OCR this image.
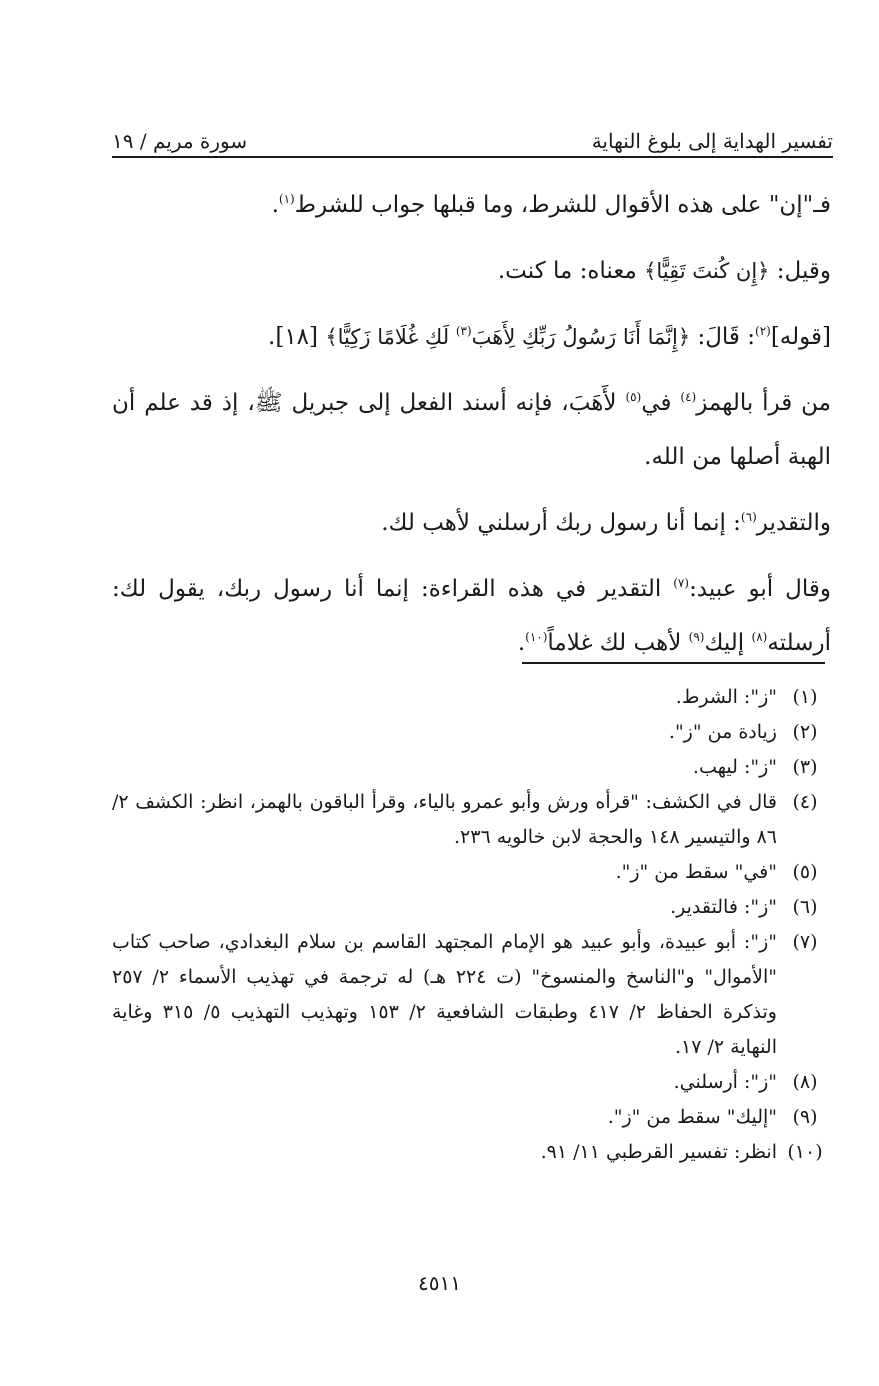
تفسير الهداية إلى بلوغ النهاية
سورة مريم / ١٩

فـ"إن" على هذه الأقوال للشرط، وما قبلها جواب للشرط$^{(١)}$.

وقيل: ﴿إِن كُنتَ تَقِيًّا﴾ معناه: ما كنت.

[قوله]$^{(٢)}$: قَالَ: ﴿إِنَّمَا أَنَا رَسُولُ رَبِّكِ لِأَهَبَ$^{(٣)}$ لَكِ غُلَامًا زَكِيًّا﴾ [١٨].

من قرأ بالهمز$^{(٤)}$ في$^{(٥)}$ لأَهَبَ، فإنه أسند الفعل إلى جبريل ﷺ، إذ قد علم أن الهبة أصلها من الله.

والتقدير$^{(٦)}$: إنما أنا رسول ربك أرسلني لأهب لك.

وقال أبو عبيد:$^{(٧)}$ التقدير في هذه القراءة: إنما أنا رسول ربك، يقول لك: أرسلته$^{(٨)}$ إليك$^{(٩)}$ لأهب لك غلاماً$^{(١٠)}$.

(١)
"ز": الشرط.
(٢)
زيادة من "ز".
(٣)
"ز": ليهب.
(٤)
قال في الكشف: "قرأه ورش وأبو عمرو بالياء، وقرأ الباقون بالهمز، انظر: الكشف ٢/ ٨٦ والتيسير ١٤٨ والحجة لابن خالويه ٢٣٦.
(٥)
"في" سقط من "ز".
(٦)
"ز": فالتقدير.
(٧)
"ز": أبو عبيدة، وأبو عبيد هو الإمام المجتهد القاسم بن سلام البغدادي، صاحب كتاب "الأموال" و"الناسخ والمنسوخ" (ت ٢٢٤ هـ) له ترجمة في تهذيب الأسماء ٢/ ٢٥٧ وتذكرة الحفاظ ٢/ ٤١٧ وطبقات الشافعية ٢/ ١٥٣ وتهذيب التهذيب ٥/ ٣١٥ وغاية النهاية ٢/ ١٧.
(٨)
"ز": أرسلني.
(٩)
"إليك" سقط من "ز".
(١٠)
انظر: تفسير القرطبي ١١/ ٩١.
٤٥١١
